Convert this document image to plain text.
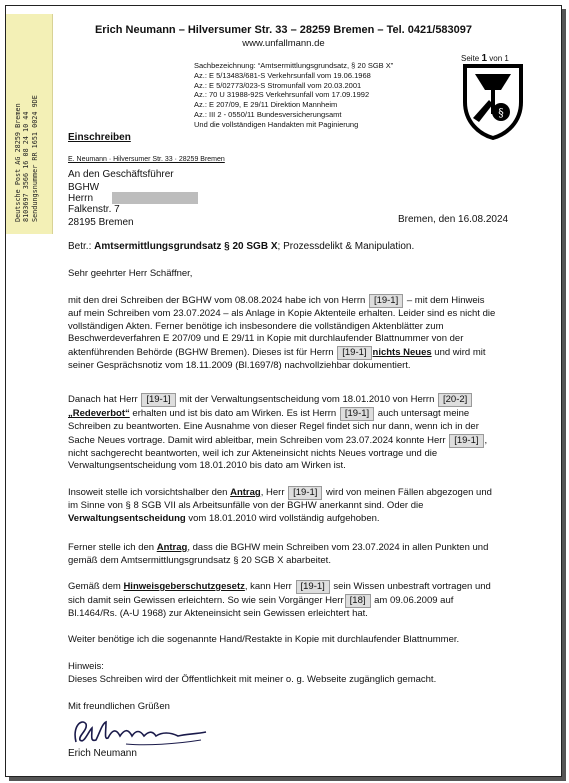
Deutsche Post AG 28259 Bremen 8103697 3566 16 08 24 10 44 Sendungsnummer RR 1651 0024 9DE
Erich Neumann – Hilversumer Str. 33 – 28259 Bremen – Tel. 0421/583097
www.unfallmann.de
Seite 1 von 1
§
Sachbezeichnung: “Amtsermittlungsgrundsatz, § 20 SGB X”
Az.: E 5/13483/681-S Verkehrsunfall vom 19.06.1968
Az.: E 5/02773/023-S Stromunfall vom 20.03.2001
Az.: 70 U 31988-92S Verkehrsunfall vom 17.09.1992
Az.: E 207/09, E 29/11 Direktion Mannheim
Az.: III 2 - 0550/11 Bundesversicherungsamt
Und die vollständigen Handakten mit Paginierung
Einschreiben
E. Neumann · Hilversumer Str. 33 · 28259 Bremen
An den Geschäftsführer
BGHW
Herrn
Falkenstr. 7
28195 Bremen	Bremen, den 16.08.2024
Betr.: Amtsermittlungsgrundsatz § 20 SGB X; Prozessdelikt & Manipulation.
Sehr geehrter Herr Schäffner,
mit den drei Schreiben der BGHW vom 08.08.2024 habe ich von Herrn [19-1] – mit dem Hinweis auf mein Schreiben vom 23.07.2024 – als Anlage in Kopie Aktenteile erhalten. Leider sind es nicht die vollständigen Akten. Ferner benötige ich insbesondere die vollständigen Aktenblätter zum Beschwerdeverfahren E 207/09 und E 29/11 in Kopie mit durchlaufender Blattnummer von der aktenführenden Behörde (BGHW Bremen). Dieses ist für Herrn [19-1] nichts Neues und wird mit seiner Gesprächsnotiz vom 18.11.2009 (Bl.1697/8) nachvollziehbar dokumentiert.
Danach hat Herr [19-1] mit der Verwaltungsentscheidung vom 18.01.2010 von Herrn [20-2]
„Redeverbot“ erhalten und ist bis dato am Wirken. Es ist Herrn [19-1] auch untersagt meine Schreiben zu beantworten. Eine Ausnahme von dieser Regel findet sich nur dann, wenn ich in der Sache Neues vortrage. Damit wird ableitbar, mein Schreiben vom 23.07.2024 konnte Herr [19-1] , nicht sachgerecht beantworten, weil ich zur Akteneinsicht nichts Neues vortrage und die Verwaltungsentscheidung vom 18.01.2010 bis dato am Wirken ist.
Insoweit stelle ich vorsichtshalber den Antrag, Herr [19-1] wird von meinen Fällen abgezogen und im Sinne von § 8 SGB VII als Arbeitsunfälle von der BGHW anerkannt sind. Oder die Verwaltungsentscheidung vom 18.01.2010 wird vollständig aufgehoben.
Ferner stelle ich den Antrag, dass die BGHW mein Schreiben vom 23.07.2024 in allen Punkten und gemäß dem Amtsermittlungsgrundsatz § 20 SGB X abarbeitet.
Gemäß dem Hinweisgeberschutzgesetz, kann Herr [19-1] sein Wissen unbestraft vortragen und sich damit sein Gewissen erleichtern. So wie sein Vorgänger Herr [18] am 09.06.2009 auf Bl.1464/Rs. (A-U 1968) zur Akteneinsicht sein Gewissen erleichtert hat.
Weiter benötige ich die sogenannte Hand/Restakte in Kopie mit durchlaufender Blattnummer.
Hinweis:
Dieses Schreiben wird der Öffentlichkeit mit meiner o. g. Webseite zugänglich gemacht.
Mit freundlichen Grüßen
Erich Neumann
